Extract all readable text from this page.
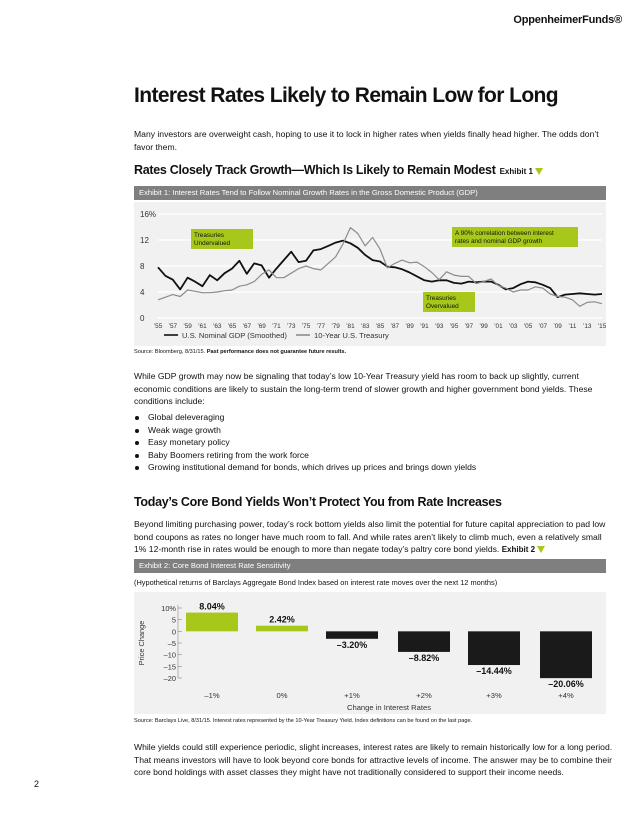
OppenheimerFunds®
Interest Rates Likely to Remain Low for Long

Many investors are overweight cash, hoping to use it to lock in higher rates when yields finally head higher. The odds don’t favor them.

Rates Closely Track Growth—Which Is Likely to Remain Modest Exhibit 1
Exhibit 1: Interest Rates Tend to Follow Nominal Growth Rates in the Gross Domestic Product (GDP)
0
4
8
12
16%
’55 ’57 ’59 ’61 ’63 ’65 ’67 ’69 ’71 ’73 ’75 ’77 ’79 ’81 ’83 ’85 ’87 ’89 ’91 ’93 ’95 ’97 ’99 ’01 ’03 ’05 ’07 ’09 ’11 ’13 ’15
U.S. Nominal GDP (Smoothed)	10-Year U.S. Treasury
Treasuries
Undervalued
A 90% correlation between interest
rates and nominal GDP growth
Treasuries
Overvalued
Source: Bloomberg, 8/31/15. Past performance does not guarantee future results.

While GDP growth may now be signaling that today’s low 10-Year Treasury yield has room to back up slightly, current economic conditions are likely to sustain the long-term trend of slower growth and higher government bond yields. These conditions include:

Global deleveraging
Weak wage growth
Easy monetary policy
Baby Boomers retiring from the work force
Growing institutional demand for bonds, which drives up prices and brings down yields
Today’s Core Bond Yields Won’t Protect You from Rate Increases

Beyond limiting purchasing power, today’s rock bottom yields also limit the potential for future capital appreciation to pad low bond coupons as rates no longer have much room to fall. And while rates aren’t likely to climb much, even a relatively small 1% 12-month rise in rates would be enough to more than negate today’s paltry core bond yields. Exhibit 2

Exhibit 2: Core Bond Interest Rate Sensitivity
(Hypothetical returns of Barclays Aggregate Bond Index based on interest rate moves over the next 12 months)
10%
5
0
–5
–10
–15
–20
Price Change
8.04%
–1%
2.42%
0%
–3.20%
+1%
–8.82%
+2%
–14.44%
+3%
–20.06%
+4%
Change in Interest Rates
Source: Barclays Live, 8/31/15. Interest rates represented by the 10-Year Treasury Yield. Index definitions can be found on the last page.

While yields could still experience periodic, slight increases, interest rates are likely to remain historically low for a long period. That means investors will have to look beyond core bonds for attractive levels of income. The answer may be to combine their core bond holdings with asset classes they might have not traditionally considered to support their income needs.

2
